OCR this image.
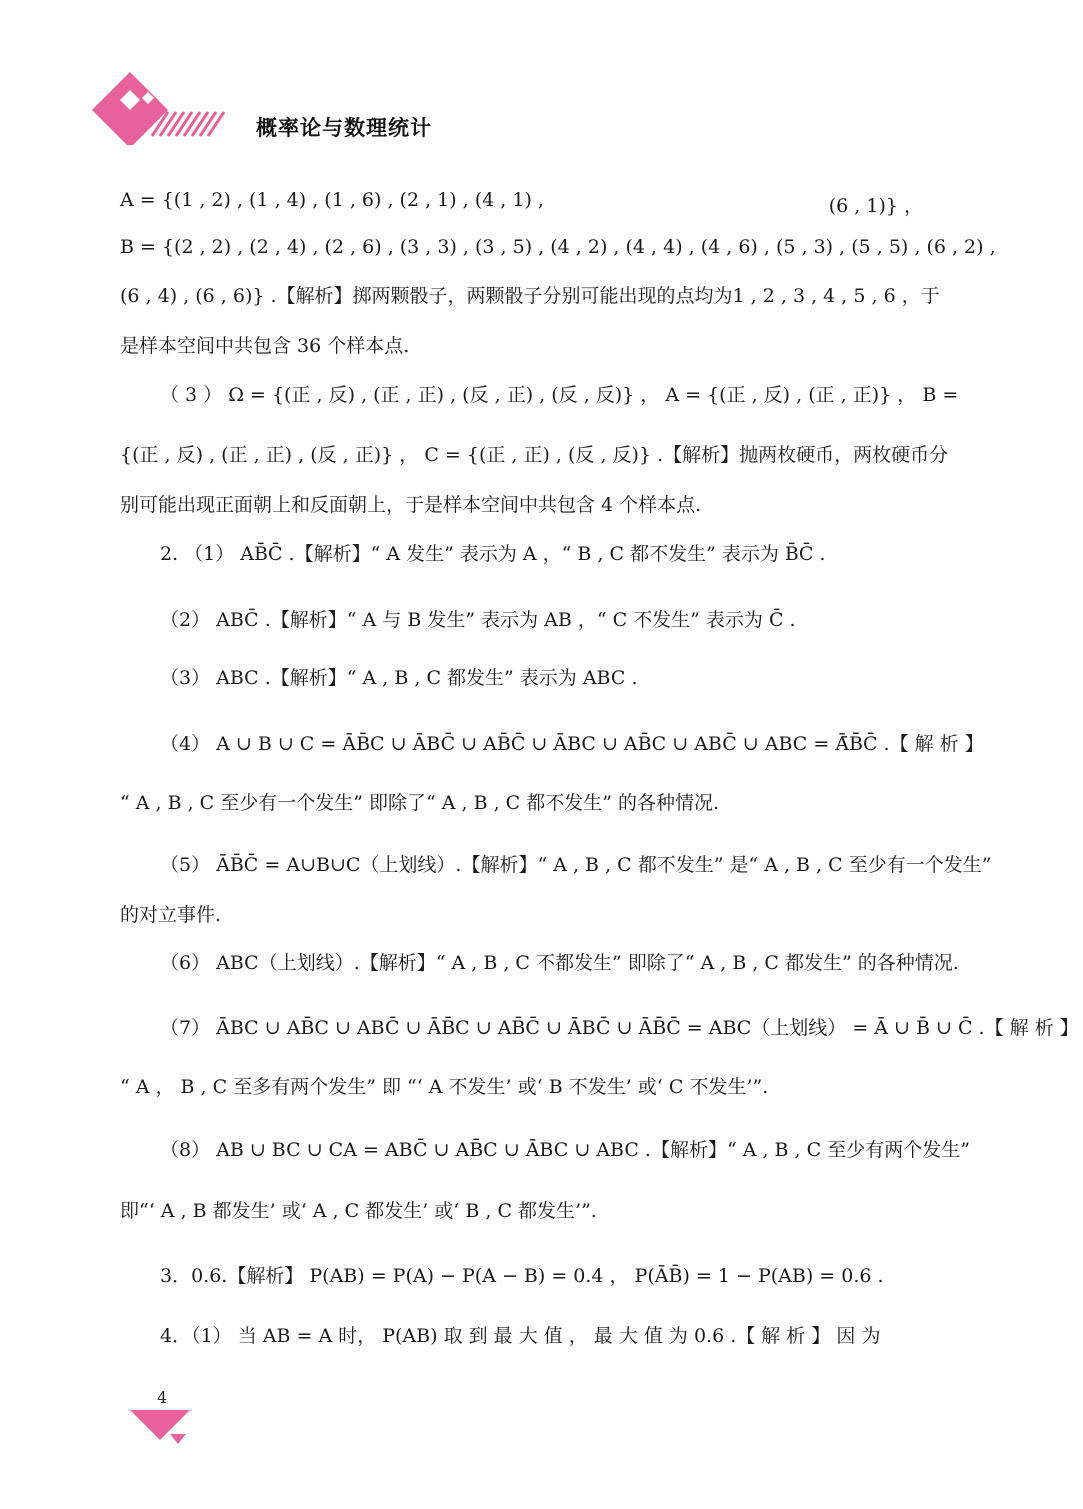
概率论与数理统计
A = {(1 , 2) , (1 , 4) , (1 , 6) , (2 , 1) , (4 , 1) ,	(6 , 1)} ，
B = {(2 , 2) , (2 , 4) , (2 , 6) , (3 , 3) , (3 , 5) , (4 , 2) , (4 , 4) , (4 , 6) , (5 , 3) , (5 , 5) , (6 , 2) ,
(6 , 4) , (6 , 6)} .【解析】掷两颗骰子，两颗骰子分别可能出现的点均为1 , 2 , 3 , 4 , 5 , 6 ，于
是样本空间中共包含 36 个样本点.
（ 3 ） Ω = {(正 , 反) , (正 , 正) , (反 , 正) , (反 , 反)} ， A = {(正 , 反) , (正 , 正)} ， B =
{(正 , 反) , (正 , 正) , (反 , 正)} ， C = {(正 , 正) , (反 , 反)} .【解析】抛两枚硬币，两枚硬币分
别可能出现正面朝上和反面朝上，于是样本空间中共包含 4 个样本点.
2. （1） AB̄C̄ .【解析】“ A 发生” 表示为 A ，“ B , C 都不发生” 表示为 B̄C̄ .
（2） ABC̄ .【解析】“ A 与 B 发生” 表示为 AB ，“ C 不发生” 表示为 C̄ .
（3） ABC .【解析】“ A , B , C 都发生” 表示为 ABC .
（4） A ∪ B ∪ C = ĀB̄C ∪ ĀBC̄ ∪ AB̄C̄ ∪ ĀBC ∪ AB̄C ∪ ABC̄ ∪ ABC = Ā̄B̄̄C̄̄ .【 解 析 】
“ A , B , C 至少有一个发生” 即除了“ A , B , C 都不发生” 的各种情况.
（5） ĀB̄C̄ = A∪B∪C（上划线）.【解析】“ A , B , C 都不发生” 是“ A , B , C 至少有一个发生”
的对立事件.
（6） ABC（上划线）.【解析】“ A , B , C 不都发生” 即除了“ A , B , C 都发生” 的各种情况.
（7） ĀBC ∪ AB̄C ∪ ABC̄ ∪ ĀB̄C ∪ AB̄C̄ ∪ ĀBC̄ ∪ ĀB̄C̄ = ABC（上划线） = Ā ∪ B̄ ∪ C̄ .【 解 析 】
“ A ， B , C 至多有两个发生” 即 “‘ A 不发生’ 或‘ B 不发生’ 或‘ C 不发生’”.
（8） AB ∪ BC ∪ CA = ABC̄ ∪ AB̄C ∪ ĀBC ∪ ABC .【解析】“ A , B , C 至少有两个发生”
即“‘ A , B 都发生’ 或‘ A , C 都发生’ 或‘ B , C 都发生’”.
3．0.6.【解析】 P(AB) = P(A) − P(A − B) = 0.4 ， P(ĀB̄) = 1 − P(AB) = 0.6 .
4．（1） 当 AB = A 时， P(AB) 取 到 最 大 值 ， 最 大 值 为 0.6 .【 解 析 】 因 为
4
